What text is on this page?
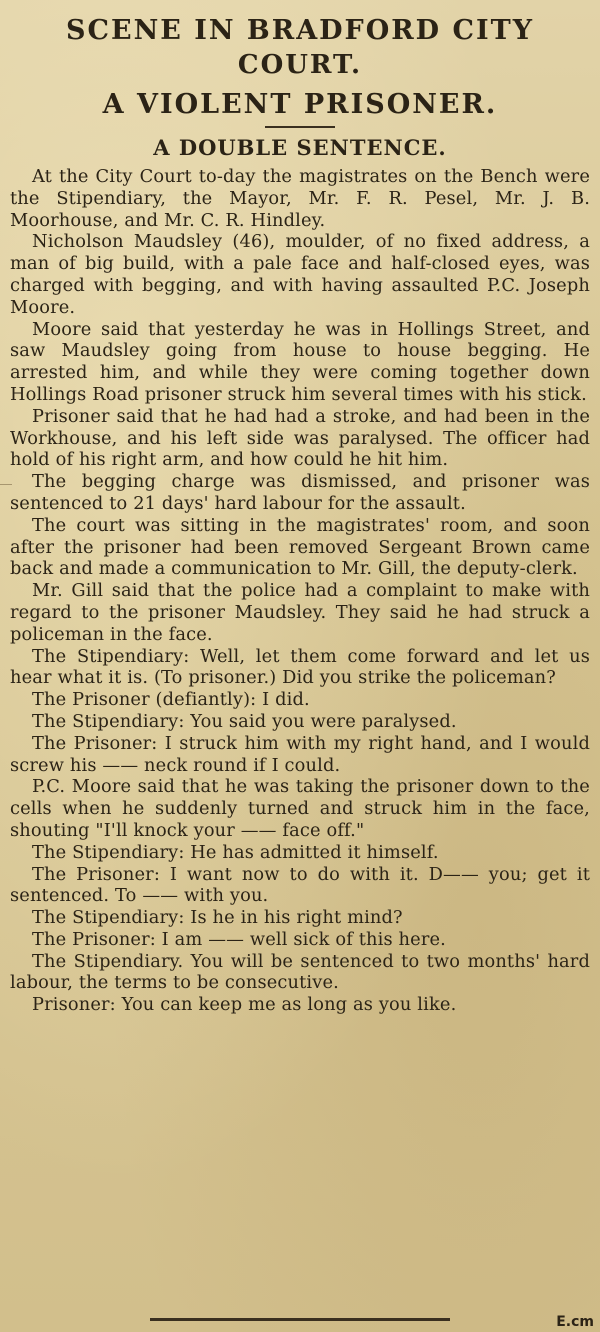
SCENE IN BRADFORD CITY
COURT.
A VIOLENT PRISONER.
A DOUBLE SENTENCE.

At the City Court to-day the magistrates on the Bench were the Stipendiary, the Mayor, Mr. F. R. Pesel, Mr. J. B. Moorhouse, and Mr. C. R. Hindley.

Nicholson Maudsley (46), moulder, of no fixed address, a man of big build, with a pale face and half-closed eyes, was charged with begging, and with having assaulted P.C. Joseph Moore.

Moore said that yesterday he was in Hollings Street, and saw Maudsley going from house to house begging. He arrested him, and while they were coming together down Hollings Road prisoner struck him several times with his stick.

Prisoner said that he had had a stroke, and had been in the Workhouse, and his left side was paralysed. The officer had hold of his right arm, and how could he hit him.

The begging charge was dismissed, and prisoner was sentenced to 21 days' hard labour for the assault.

The court was sitting in the magistrates' room, and soon after the prisoner had been removed Sergeant Brown came back and made a communication to Mr. Gill, the deputy-clerk.

Mr. Gill said that the police had a complaint to make with regard to the prisoner Maudsley. They said he had struck a policeman in the face.

The Stipendiary: Well, let them come forward and let us hear what it is. (To prisoner.) Did you strike the policeman?

The Prisoner (defiantly): I did.

The Stipendiary: You said you were paralysed.

The Prisoner: I struck him with my right hand, and I would screw his —— neck round if I could.

P.C. Moore said that he was taking the prisoner down to the cells when he suddenly turned and struck him in the face, shouting "I'll knock your —— face off."

The Stipendiary: He has admitted it himself.

The Prisoner: I want now to do with it. D—— you; get it sentenced. To —— with you.

The Stipendiary: Is he in his right mind?

The Prisoner: I am —— well sick of this here.

The Stipendiary. You will be sentenced to two months' hard labour, the terms to be consecutive.

Prisoner: You can keep me as long as you like.

E.cm
